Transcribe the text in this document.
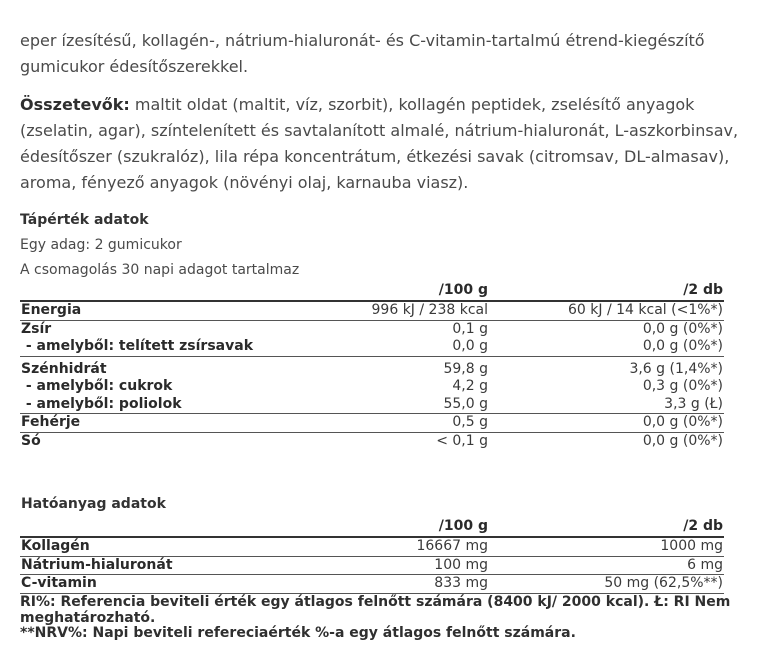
eper ízesítésű, kollagén-, nátrium-hialuronát- és C-vitamin-tartalmú étrend-kiegészítő gumicukor édesítőszerekkel.
Összetevők: maltit oldat (maltit, víz, szorbit), kollagén peptidek, zselésítő anyagok (zselatin, agar), színtelenített és savtalanított almalé, nátrium-hialuronát, L-aszkorbinsav, édesítőszer (szukralóz), lila répa koncentrátum, étkezési savak (citromsav, DL-almasav), aroma, fényező anyagok (növényi olaj, karnauba viasz).
Tápérték adatok
Egy adag: 2 gumicukor
A csomagolás 30 napi adagot tartalmaz
/100 g	/2 db
Energia	996 kJ / 238 kcal	60 kJ / 14 kcal (<1%*)
Zsír	0,1 g	0,0 g (0%*)
- amelyből: telített zsírsavak	0,0 g	0,0 g (0%*)
Szénhidrát	59,8 g	3,6 g (1,4%*)
- amelyből: cukrok	4,2 g	0,3 g (0%*)
- amelyből: poliolok	55,0 g	3,3 g (Ł)
Fehérje	0,5 g	0,0 g (0%*)
Só	< 0,1 g	0,0 g (0%*)
Hatóanyag adatok
/100 g	/2 db
Kollagén	16667 mg	1000 mg
Nátrium-hialuronát	100 mg	6 mg
C-vitamin	833 mg	50 mg (62,5%**)
RI%: Referencia beviteli érték egy átlagos felnőtt számára (8400 kJ/ 2000 kcal). Ł: RI Nem meghatározható.
**NRV%: Napi beviteli refereciaérték %-a egy átlagos felnőtt számára.
